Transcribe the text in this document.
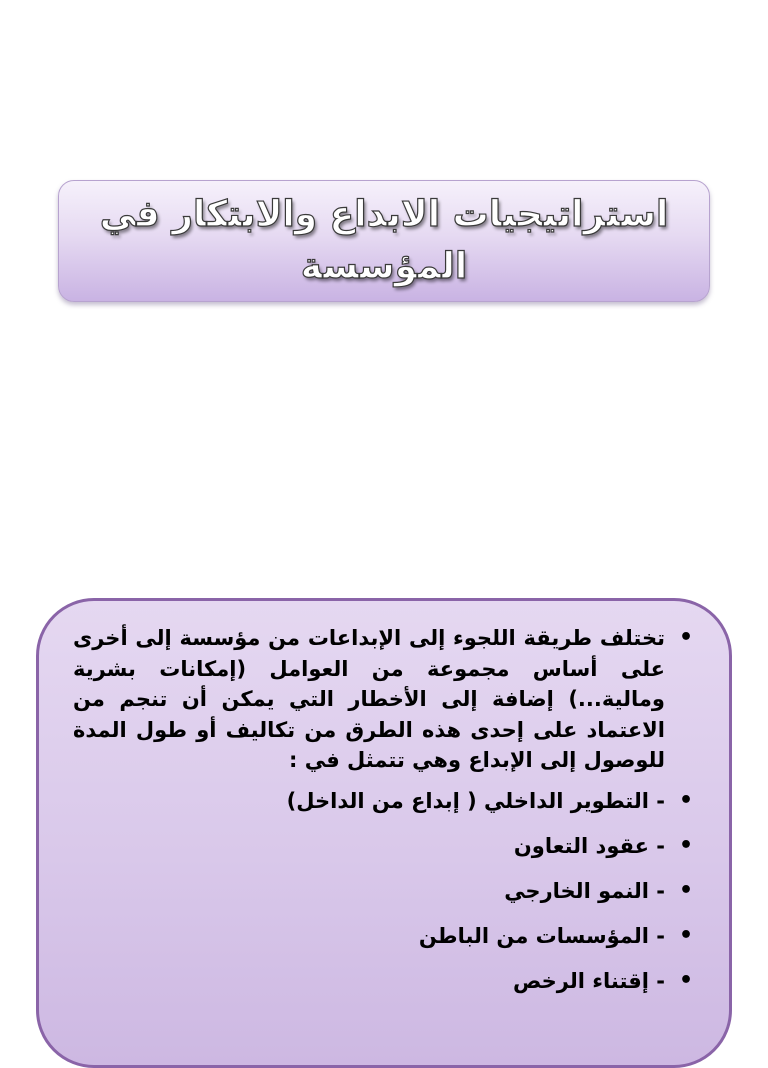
استراتيجيات الابداع والابتكار في المؤسسة
• تختلف طريقة اللجوء إلى الإبداعات من مؤسسة إلى أخرى على أساس مجموعة من العوامل (إمكانات بشرية ومالية...) إضافة إلى الأخطار التي يمكن أن تنجم من الاعتماد على إحدى هذه الطرق من تكاليف أو طول المدة للوصول إلى الإبداع وهي تتمثل في :
• - التطوير الداخلي ( إبداع من الداخل)
• - عقود التعاون
• - النمو الخارجي
• - المؤسسات من الباطن
• - إقتناء الرخص
